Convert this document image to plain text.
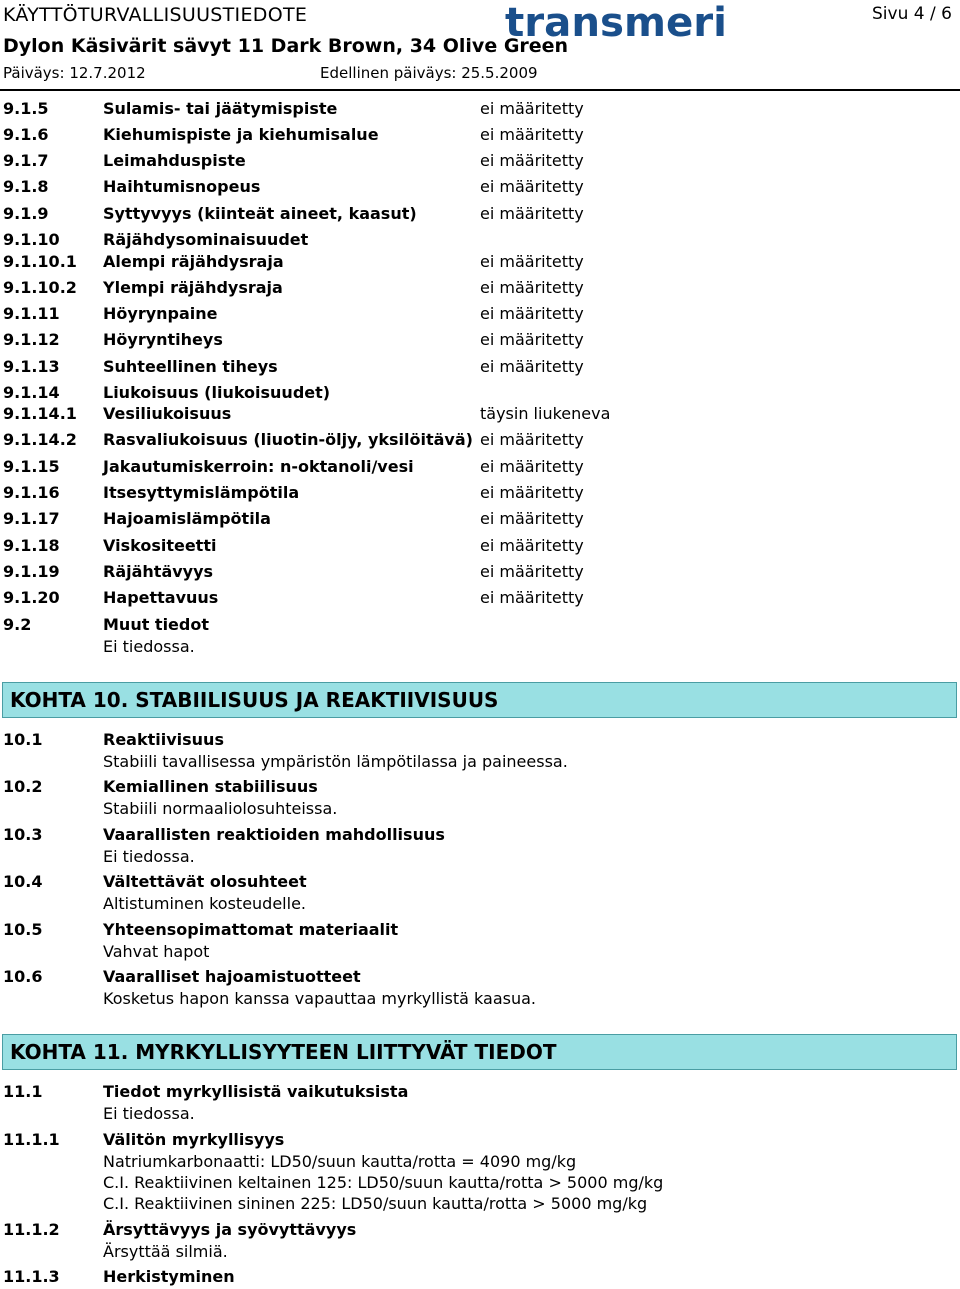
KÄYTTÖTURVALLISUUSTIEDOTE
Dylon Käsivärit sävyt 11 Dark Brown, 34 Olive Green
Päiväys: 12.7.2012	Edellinen päiväys: 25.5.2009
Sivu 4 / 6
transmeri
9.1.5	Sulamis- tai jäätymispiste	ei määritetty
9.1.6	Kiehumispiste ja kiehumisalue	ei määritetty
9.1.7	Leimahduspiste	ei määritetty
9.1.8	Haihtumisnopeus	ei määritetty
9.1.9	Syttyvyys (kiinteät aineet, kaasut)	ei määritetty
9.1.10	Räjähdysominaisuudet
9.1.10.1 Alempi räjähdysraja	ei määritetty
9.1.10.2 Ylempi räjähdysraja	ei määritetty
9.1.11	Höyrynpaine	ei määritetty
9.1.12	Höyryntiheys	ei määritetty
9.1.13	Suhteellinen tiheys	ei määritetty
9.1.14	Liukoisuus (liukoisuudet)
9.1.14.1 Vesiliukoisuus	täysin liukeneva
9.1.14.2 Rasvaliukoisuus (liuotin-öljy, yksilöitävä) ei määritetty
9.1.15	Jakautumiskerroin: n-oktanoli/vesi	ei määritetty
9.1.16	Itsesyttymislämpötila	ei määritetty
9.1.17	Hajoamislämpötila	ei määritetty
9.1.18	Viskositeetti	ei määritetty
9.1.19	Räjähtävyys	ei määritetty
9.1.20	Hapettavuus	ei määritetty
9.2	Muut tiedot
Ei tiedossa.
KOHTA 10. STABIILISUUS JA REAKTIIVISUUS
10.1	Reaktiivisuus
Stabiili tavallisessa ympäristön lämpötilassa ja paineessa.
10.2	Kemiallinen stabiilisuus
Stabiili normaaliolosuhteissa.
10.3	Vaarallisten reaktioiden mahdollisuus
Ei tiedossa.
10.4	Vältettävät olosuhteet
Altistuminen kosteudelle.
10.5	Yhteensopimattomat materiaalit
Vahvat hapot
10.6	Vaaralliset hajoamistuotteet
Kosketus hapon kanssa vapauttaa myrkyllistä kaasua.
KOHTA 11. MYRKYLLISYYTEEN LIITTYVÄT TIEDOT
11.1	Tiedot myrkyllisistä vaikutuksista
Ei tiedossa.
11.1.1	Välitön myrkyllisyys
Natriumkarbonaatti: LD50/suun kautta/rotta = 4090 mg/kg
C.I. Reaktiivinen keltainen 125: LD50/suun kautta/rotta > 5000 mg/kg
C.I. Reaktiivinen sininen 225: LD50/suun kautta/rotta > 5000 mg/kg
11.1.2	Ärsyttävyys ja syövyttävyys
Ärsyttää silmiä.
11.1.3	Herkistyminen
